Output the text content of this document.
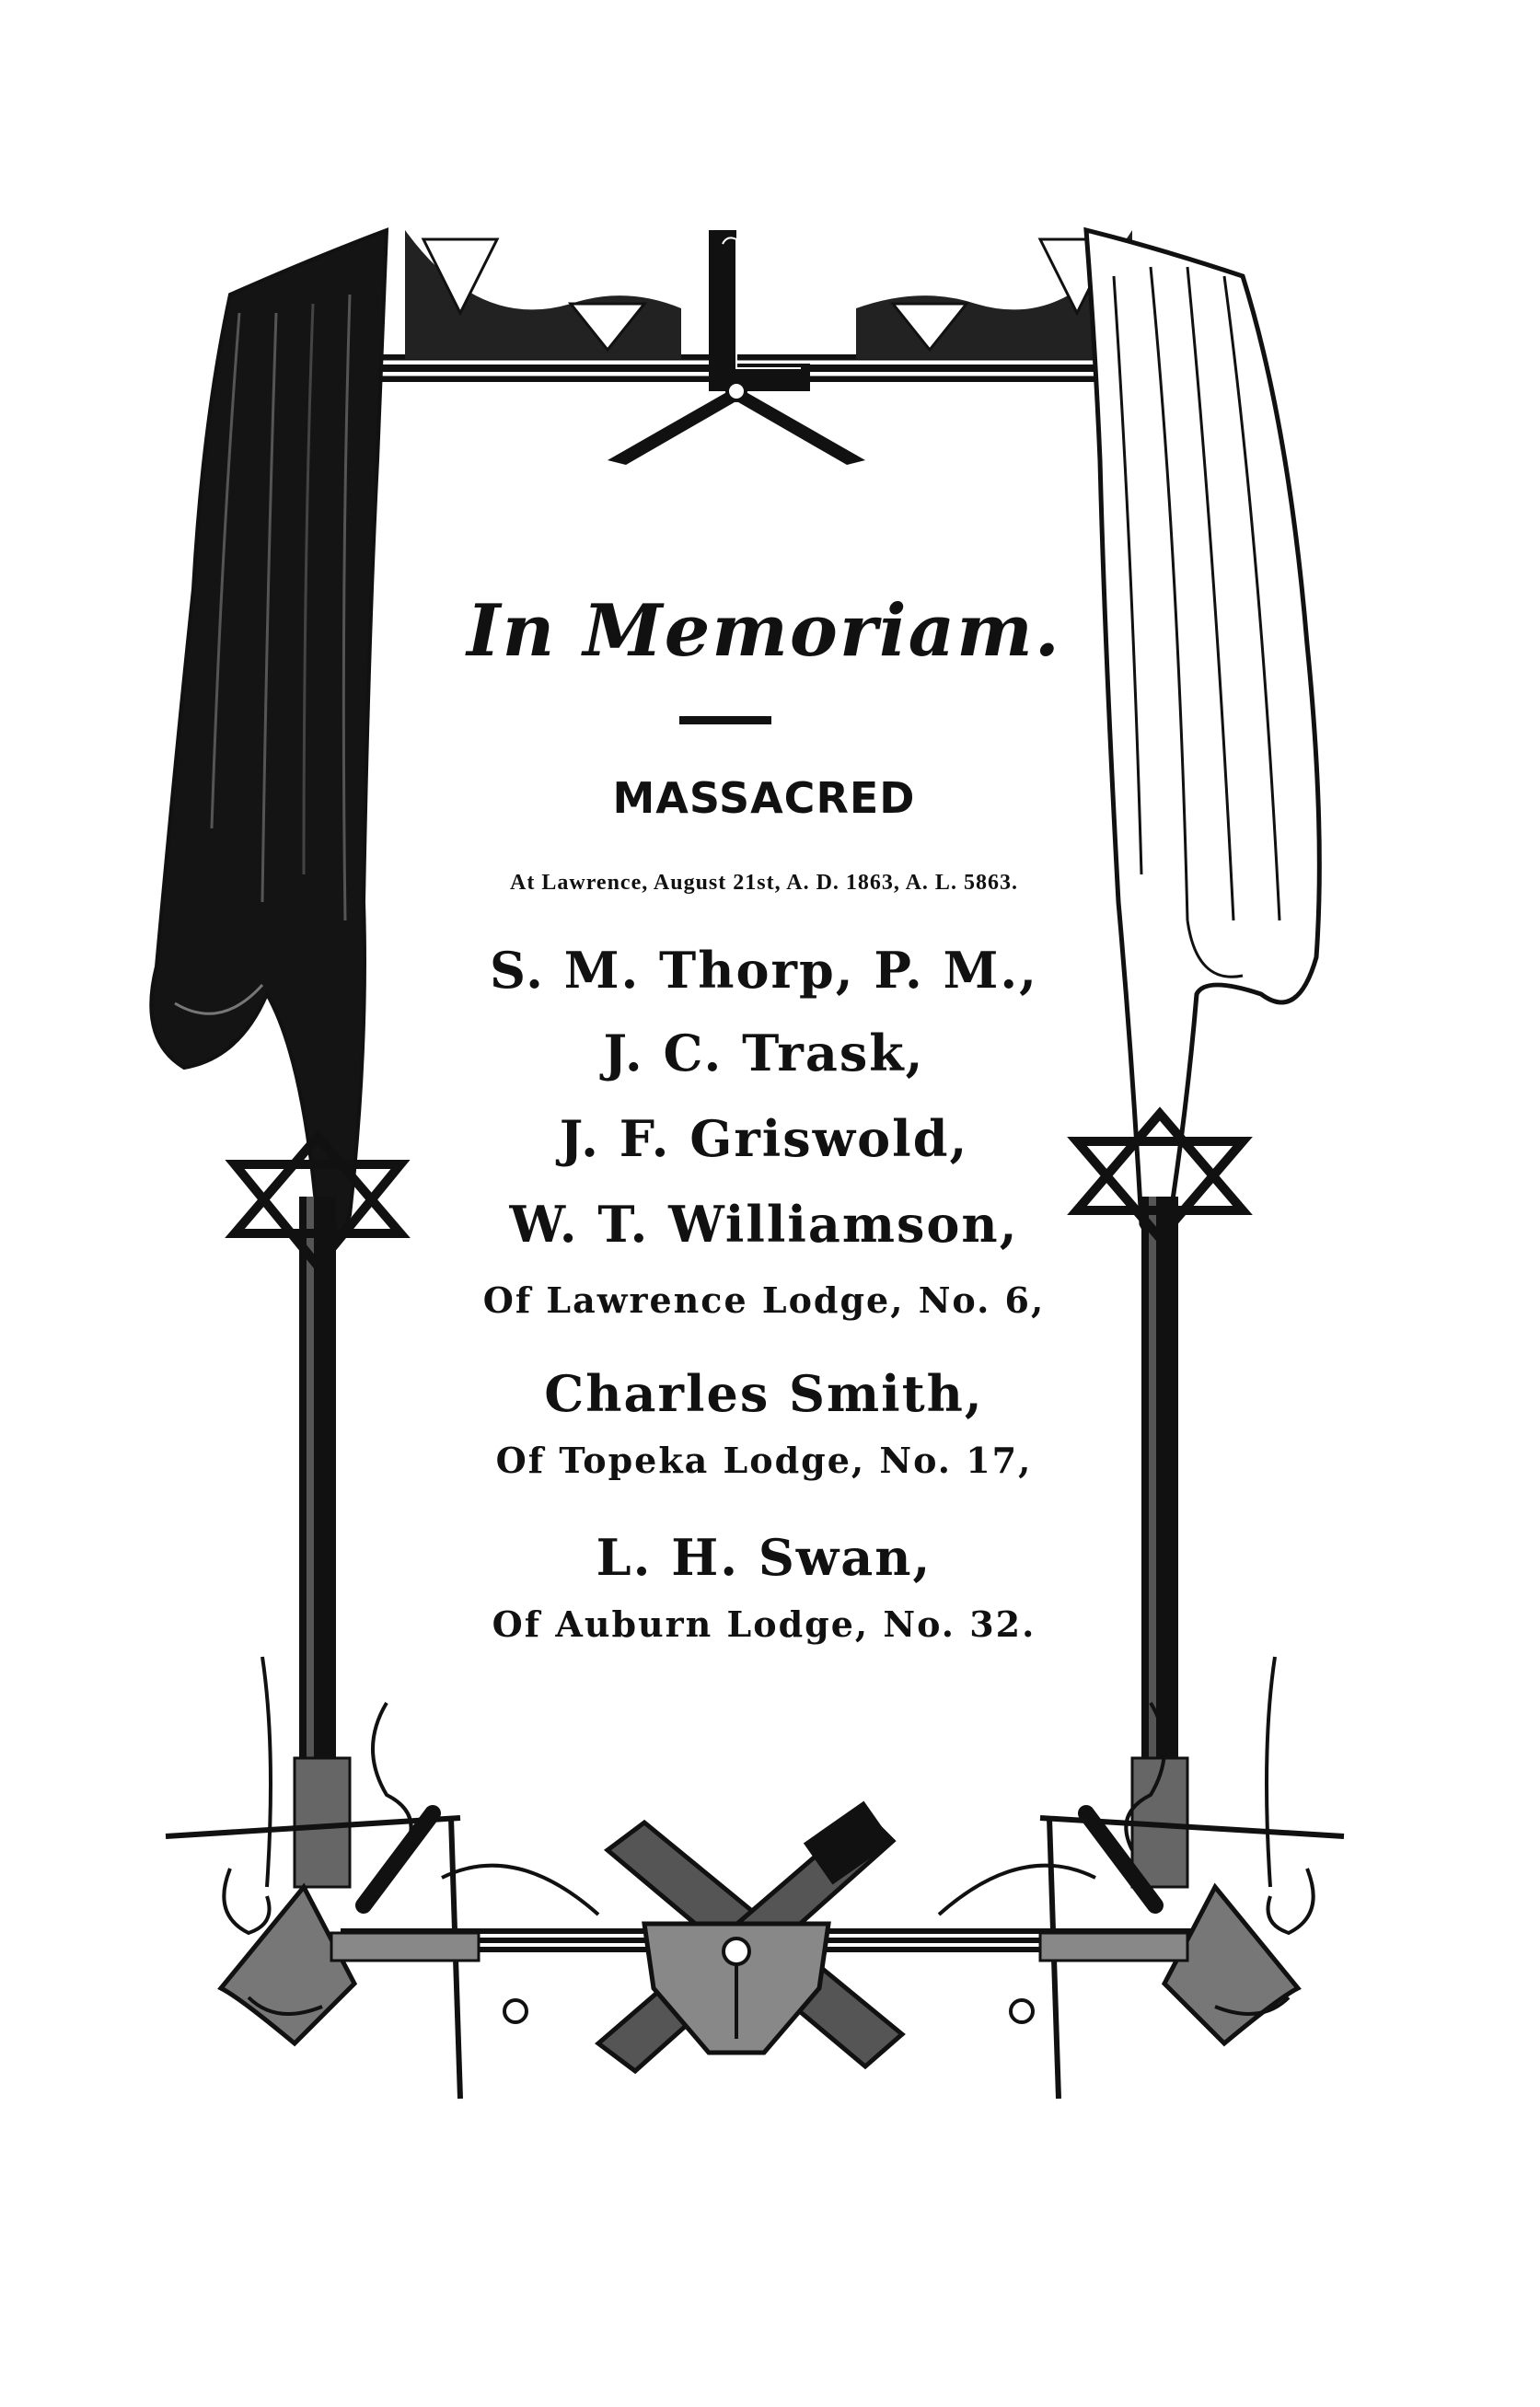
In Memoriam.
MASSACRED
At Lawrence, August 21st, A. D. 1863, A. L. 5863.
S. M. Thorp, P. M.,
J. C. Trask,
J. F. Griswold,
W. T. Williamson,
Of Lawrence Lodge, No. 6,
Charles Smith,
Of Topeka Lodge, No. 17,
L. H. Swan,
Of Auburn Lodge, No. 32.
